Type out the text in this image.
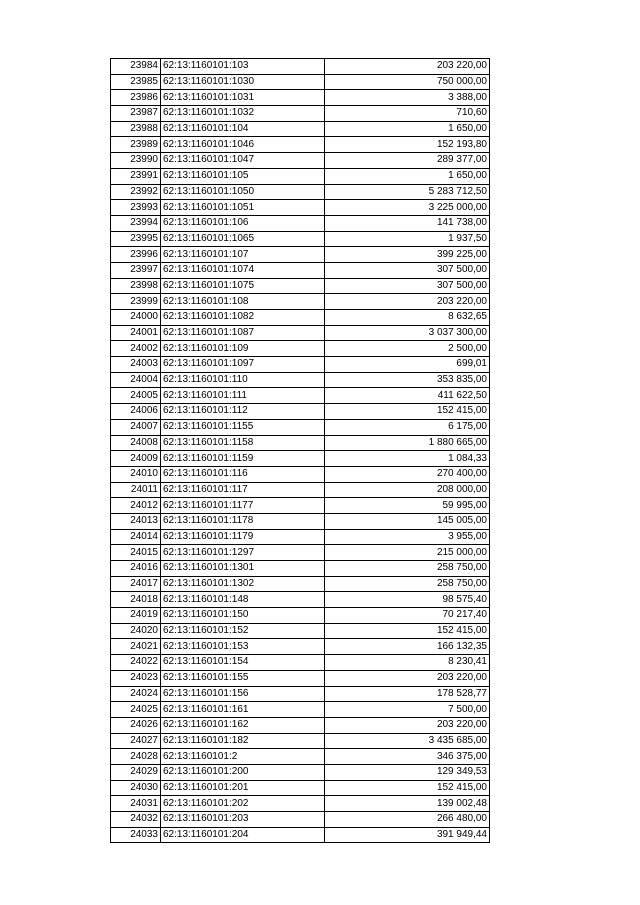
23984	62:13:1160101:103	203 220,00
23985	62:13:1160101:1030	750 000,00
23986	62:13:1160101:1031	3 388,00
23987	62:13:1160101:1032	710,60
23988	62:13:1160101:104	1 650,00
23989	62:13:1160101:1046	152 193,80
23990	62:13:1160101:1047	289 377,00
23991	62:13:1160101:105	1 650,00
23992	62:13:1160101:1050	5 283 712,50
23993	62:13:1160101:1051	3 225 000,00
23994	62:13:1160101:106	141 738,00
23995	62:13:1160101:1065	1 937,50
23996	62:13:1160101:107	399 225,00
23997	62:13:1160101:1074	307 500,00
23998	62:13:1160101:1075	307 500,00
23999	62:13:1160101:108	203 220,00
24000	62:13:1160101:1082	8 632,65
24001	62:13:1160101:1087	3 037 300,00
24002	62:13:1160101:109	2 500,00
24003	62:13:1160101:1097	699,01
24004	62:13:1160101:110	353 835,00
24005	62:13:1160101:111	411 622,50
24006	62:13:1160101:112	152 415,00
24007	62:13:1160101:1155	6 175,00
24008	62:13:1160101:1158	1 880 665,00
24009	62:13:1160101:1159	1 084,33
24010	62:13:1160101:116	270 400,00
24011	62:13:1160101:117	208 000,00
24012	62:13:1160101:1177	59 995,00
24013	62:13:1160101:1178	145 005,00
24014	62:13:1160101:1179	3 955,00
24015	62:13:1160101:1297	215 000,00
24016	62:13:1160101:1301	258 750,00
24017	62:13:1160101:1302	258 750,00
24018	62:13:1160101:148	98 575,40
24019	62:13:1160101:150	70 217,40
24020	62:13:1160101:152	152 415,00
24021	62:13:1160101:153	166 132,35
24022	62:13:1160101:154	8 230,41
24023	62:13:1160101:155	203 220,00
24024	62:13:1160101:156	178 528,77
24025	62:13:1160101:161	7 500,00
24026	62:13:1160101:162	203 220,00
24027	62:13:1160101:182	3 435 685,00
24028	62:13:1160101:2	346 375,00
24029	62:13:1160101:200	129 349,53
24030	62:13:1160101:201	152 415,00
24031	62:13:1160101:202	139 002,48
24032	62:13:1160101:203	266 480,00
24033	62:13:1160101:204	391 949,44
